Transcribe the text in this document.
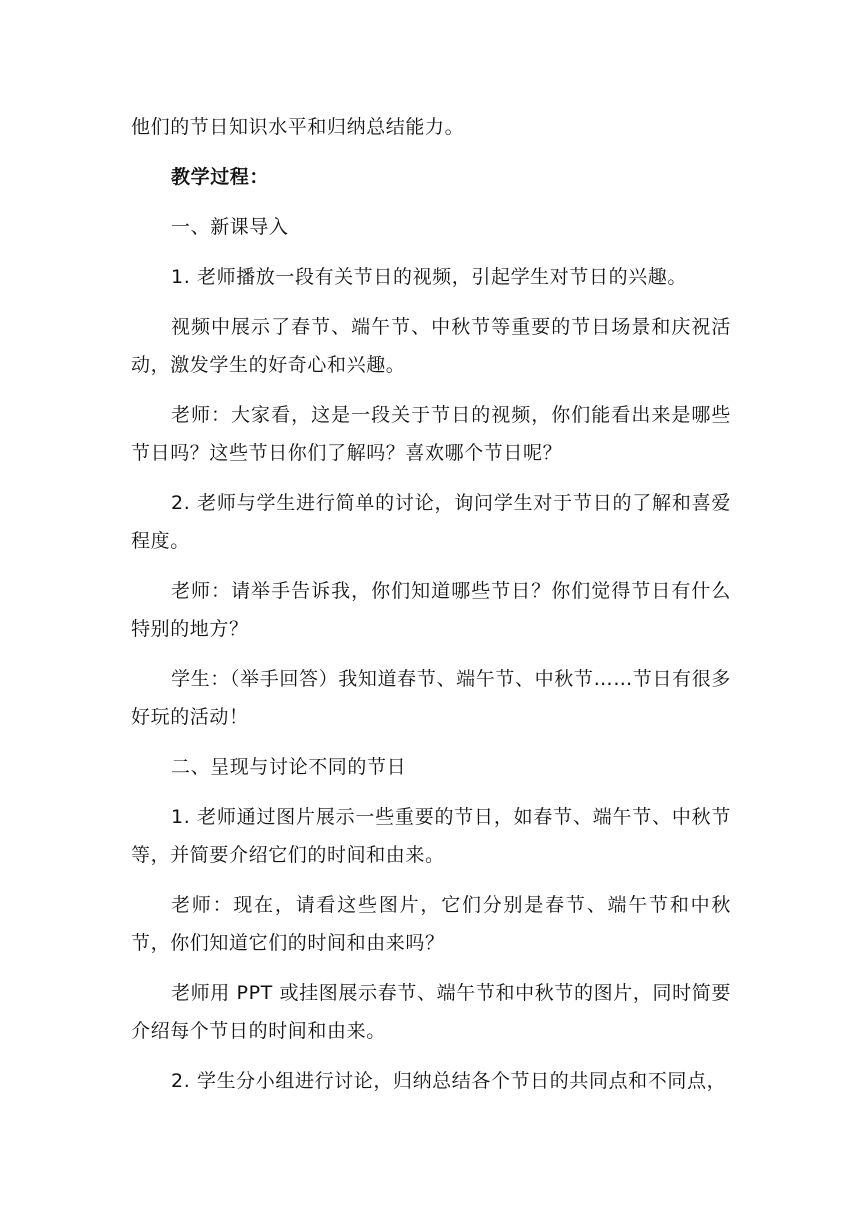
他们的节日知识水平和归纳总结能力。

教学过程：

一、新课导入

1. 老师播放一段有关节日的视频，引起学生对节日的兴趣。

视频中展示了春节、端午节、中秋节等重要的节日场景和庆祝活动，激发学生的好奇心和兴趣。

老师：大家看，这是一段关于节日的视频，你们能看出来是哪些节日吗？这些节日你们了解吗？喜欢哪个节日呢？

2. 老师与学生进行简单的讨论，询问学生对于节日的了解和喜爱程度。

老师：请举手告诉我，你们知道哪些节日？你们觉得节日有什么特别的地方？

学生：（举手回答）我知道春节、端午节、中秋节……节日有很多好玩的活动！

二、呈现与讨论不同的节日

1. 老师通过图片展示一些重要的节日，如春节、端午节、中秋节等，并简要介绍它们的时间和由来。

老师：现在，请看这些图片，它们分别是春节、端午节和中秋节，你们知道它们的时间和由来吗？

老师用 PPT 或挂图展示春节、端午节和中秋节的图片，同时简要介绍每个节日的时间和由来。

2. 学生分小组进行讨论，归纳总结各个节日的共同点和不同点，
